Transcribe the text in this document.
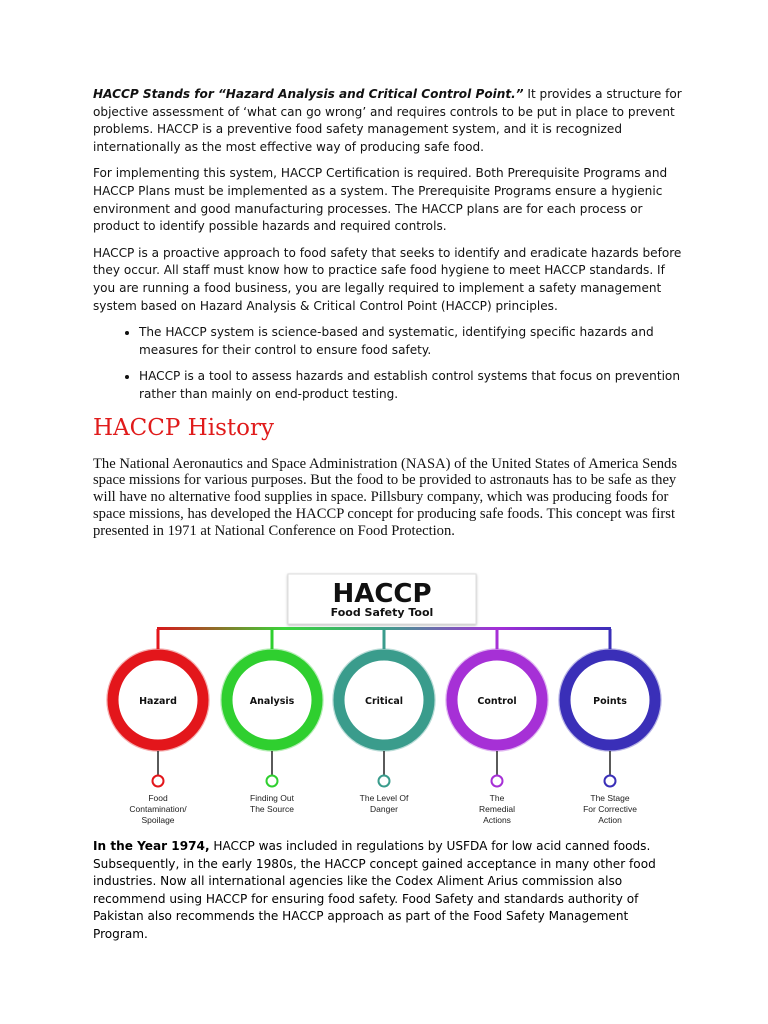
HACCP Stands for “Hazard Analysis and Critical Control Point.” It provides a structure for objective assessment of ‘what can go wrong’ and requires controls to be put in place to prevent problems. HACCP is a preventive food safety management system, and it is recognized internationally as the most effective way of producing safe food.

For implementing this system, HACCP Certification is required. Both Prerequisite Programs and HACCP Plans must be implemented as a system. The Prerequisite Programs ensure a hygienic environment and good manufacturing processes. The HACCP plans are for each process or product to identify possible hazards and required controls.

HACCP is a proactive approach to food safety that seeks to identify and eradicate hazards before they occur. All staff must know how to practice safe food hygiene to meet HACCP standards. If you are running a food business, you are legally required to implement a safety management system based on Hazard Analysis & Critical Control Point (HACCP) principles.

• The HACCP system is science-based and systematic, identifying specific hazards and measures for their control to ensure food safety.
• HACCP is a tool to assess hazards and establish control systems that focus on prevention rather than mainly on end-product testing.
HACCP History

The National Aeronautics and Space Administration (NASA) of the United States of America Sends space missions for various purposes. But the food to be provided to astronauts has to be safe as they will have no alternative food supplies in space. Pillsbury company, which was producing foods for space missions, has developed the HACCP concept for producing safe foods. This concept was first presented in 1971 at National Conference on Food Protection.

HACCP
Food Safety Tool
Hazard
Food
Contamination/
Spoilage
Analysis
Finding Out
The Source
Critical
The Level Of
Danger
Control
The
Remedial
Actions
Points
The Stage
For Corrective
Action

In the Year 1974, HACCP was included in regulations by USFDA for low acid canned foods. Subsequently, in the early 1980s, the HACCP concept gained acceptance in many other food industries. Now all international agencies like the Codex Aliment Arius commission also recommend using HACCP for ensuring food safety. Food Safety and standards authority of Pakistan also recommends the HACCP approach as part of the Food Safety Management Program.
